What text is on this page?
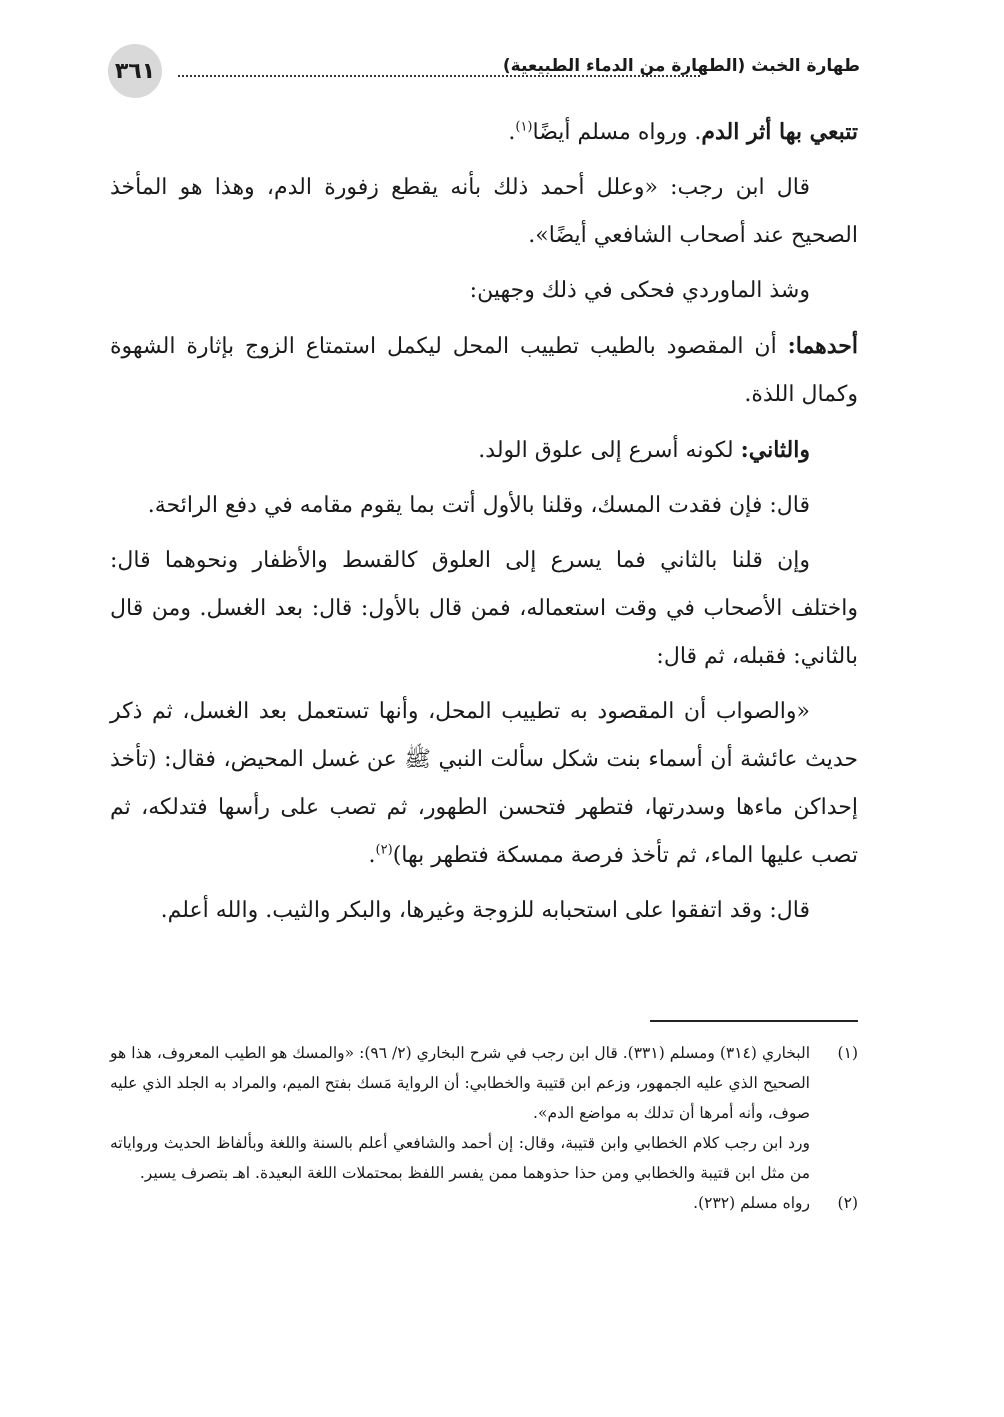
طهارة الخبث (الطهارة من الدماء الطبيعية)
٣٦١

تتبعي بها أثر الدم. ورواه مسلم أيضًا$^{(١)}$.

قال ابن رجب: «وعلل أحمد ذلك بأنه يقطع زفورة الدم، وهذا هو المأخذ الصحيح عند أصحاب الشافعي أيضًا».

وشذ الماوردي فحكى في ذلك وجهين:

أحدهما: أن المقصود بالطيب تطييب المحل ليكمل استمتاع الزوج بإثارة الشهوة وكمال اللذة.

والثاني: لكونه أسرع إلى علوق الولد.

قال: فإن فقدت المسك، وقلنا بالأول أتت بما يقوم مقامه في دفع الرائحة.

وإن قلنا بالثاني فما يسرع إلى العلوق كالقسط والأظفار ونحوهما قال: واختلف الأصحاب في وقت استعماله، فمن قال بالأول: قال: بعد الغسل. ومن قال بالثاني: فقبله، ثم قال:

«والصواب أن المقصود به تطييب المحل، وأنها تستعمل بعد الغسل، ثم ذكر حديث عائشة أن أسماء بنت شكل سألت النبي ﷺ عن غسل المحيض، فقال: (تأخذ إحداكن ماءها وسدرتها، فتطهر فتحسن الطهور، ثم تصب على رأسها فتدلكه، ثم تصب عليها الماء، ثم تأخذ فرصة ممسكة فتطهر بها)$^{(٢)}$.

قال: وقد اتفقوا على استحبابه للزوجة وغيرها، والبكر والثيب. والله أعلم.

(١)

البخاري (٣١٤) ومسلم (٣٣١). قال ابن رجب في شرح البخاري (٢/ ٩٦): «والمسك هو الطيب المعروف، هذا هو الصحيح الذي عليه الجمهور، وزعم ابن قتيبة والخطابي: أن الرواية مَسك بفتح الميم، والمراد به الجلد الذي عليه صوف، وأنه أمرها أن تدلك به مواضع الدم».

ورد ابن رجب كلام الخطابي وابن قتيبة، وقال: إن أحمد والشافعي أعلم بالسنة واللغة وبألفاظ الحديث ورواياته من مثل ابن قتيبة والخطابي ومن حذا حذوهما ممن يفسر اللفظ بمحتملات اللغة البعيدة. اهـ بتصرف يسير.

(٢)

رواه مسلم (٢٣٢).
